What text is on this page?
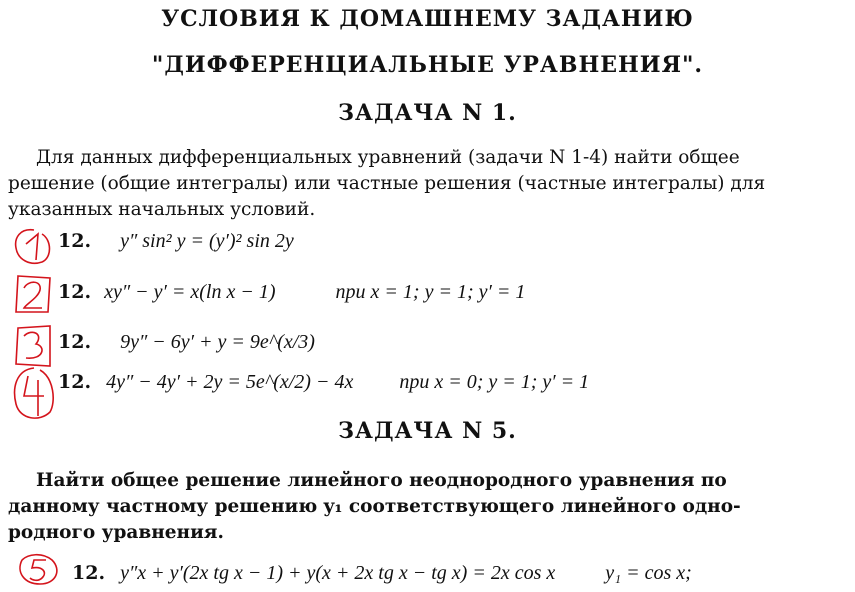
УСЛОВИЯ К ДОМАШНЕМУ ЗАДАНИЮ
"ДИФФЕРЕНЦИАЛЬНЫЕ УРАВНЕНИЯ".
ЗАДАЧА N 1.
Для данных дифференциальных уравнений (задачи N 1-4) найти общее
решение (общие интегралы) или частные решения (частные интегралы) для
указанных начальных условий.
12. y″ sin² y = (y′)² sin 2y
12. xy″ − y′ = x(ln x − 1)	при x = 1; y = 1; y′ = 1
12. 9y″ − 6y′ + y = 9e^(x/3)
12. 4y″ − 4y′ + 2y = 5e^(x/2) − 4x при x = 0; y = 1; y′ = 1
ЗАДАЧА N 5.
Найти общее решение линейного неоднородного уравнения по
данному частному решению y₁ соответствующего линейного одно-
родного уравнения.
12. y″x + y′(2x tg x − 1) + y(x + 2x tg x − tg x) = 2x cos x	y₁ = cos x;
